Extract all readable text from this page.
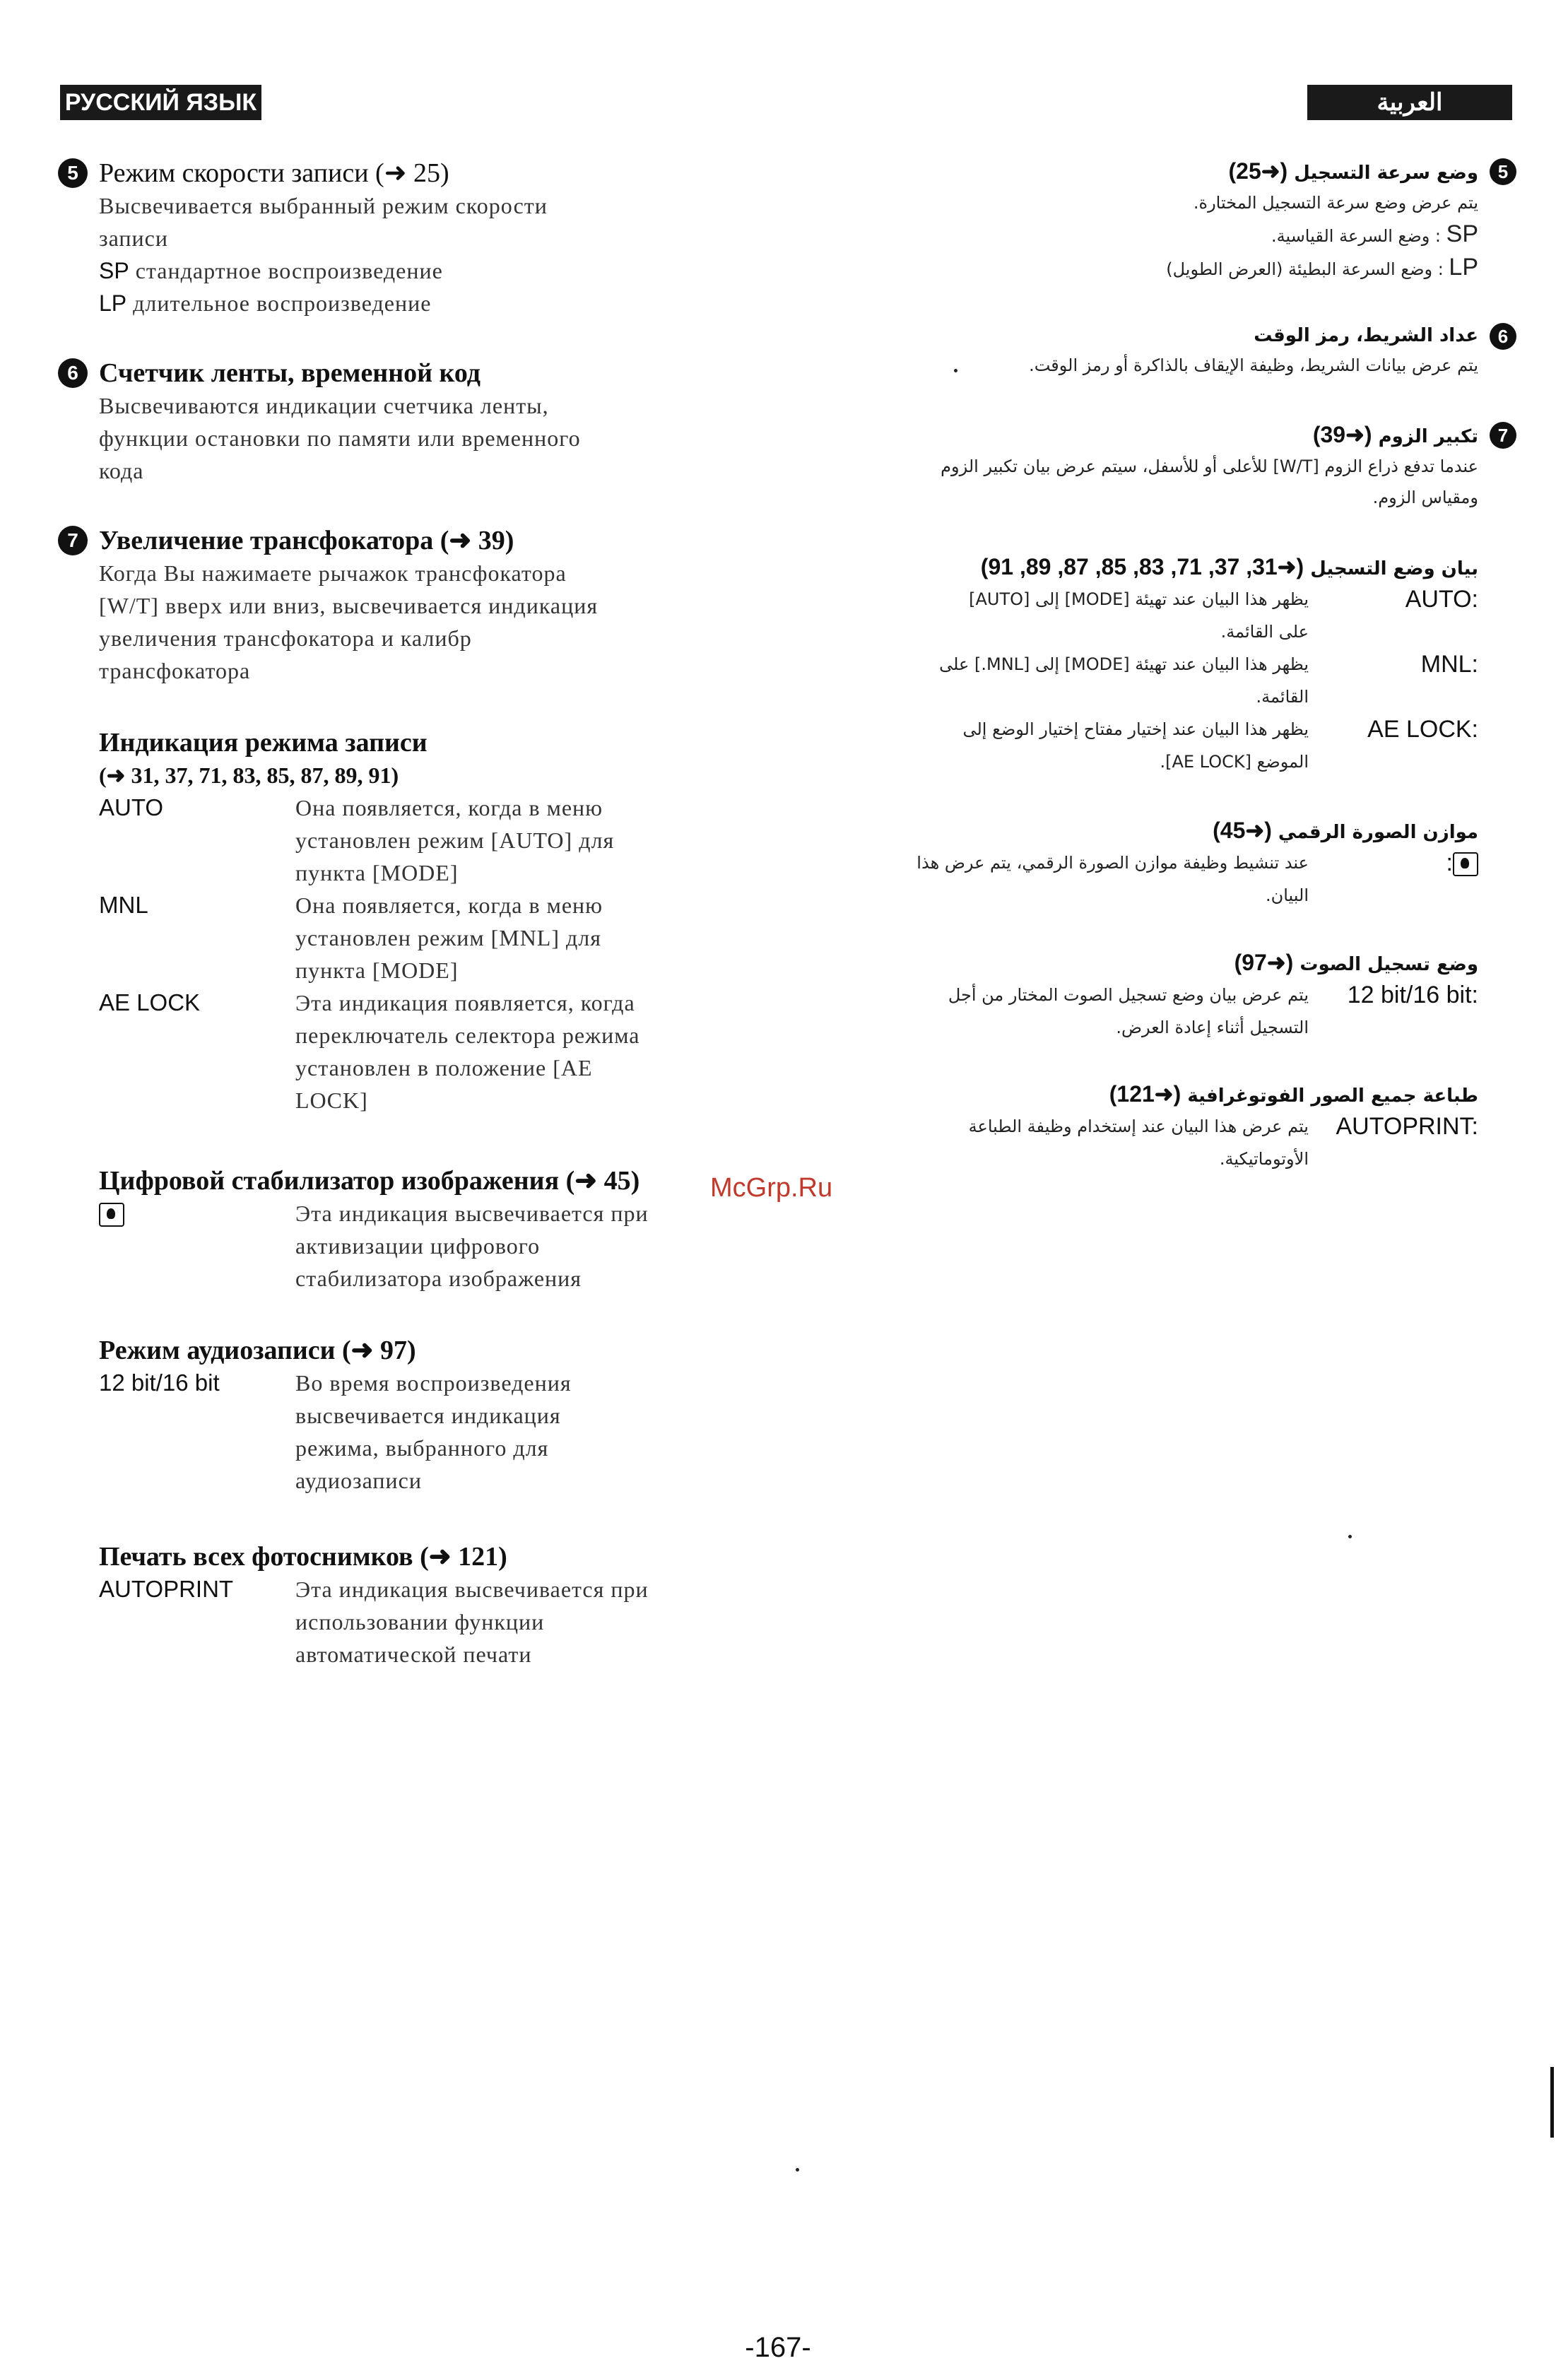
РУССКИЙ ЯЗЫК	العربية
5 Режим скорости записи (➜ 25)
Высвечивается выбранный режим скорости
записи
SP стандартное воспроизведение
LP длительное воспроизведение
6 Счетчик ленты, временной код
Высвечиваются индикации счетчика ленты,
функции остановки по памяти или временного
кода
7 Увеличение трансфокатора (➜ 39)
Когда Вы нажимаете рычажок трансфокатора
[W/T] вверх или вниз, высвечивается индикация
увеличения трансфокатора и калибр
трансфокатора
Индикация режима записи
(➜ 31, 37, 71, 83, 85, 87, 89, 91)
AUTO	Она появляется, когда в меню
установлен режим [AUTO] для
пункта [MODE]
MNL	Она появляется, когда в меню
установлен режим [MNL] для
пункта [MODE]
AE LOCK	Эта индикация появляется, когда
переключатель селектора режима
установлен в положение [AE
LOCK]
Цифровой стабилизатор изображения (➜ 45)
Эта индикация высвечивается при
активизации цифрового
стабилизатора изображения
Режим аудиозаписи (➜ 97)
12 bit/16 bit	Во время воспроизведения
высвечивается индикация
режима, выбранного для
аудиозаписи
Печать всех фотоснимков (➜ 121)
AUTOPRINT	Эта индикация высвечивается при
использовании функции
автоматической печати
McGrp.Ru
5
وضع سرعة التسجيل (➜25)
يتم عرض وضع سرعة التسجيل المختارة.
SP : وضع السرعة القياسية.
LP : وضع السرعة البطيئة (العرض الطويل)
6
عداد الشريط، رمز الوقت
يتم عرض بيانات الشريط، وظيفة الإيقاف بالذاكرة أو رمز الوقت.
7
تكبير الزوم (➜39)
عندما تدفع ذراع الزوم [W/T] للأعلى أو للأسفل، سيتم عرض بيان تكبير الزوم
ومقياس الزوم.
بيان وضع التسجيل (➜31, 37, 71, 83, 85, 87, 89, 91)
AUTO:
يظهر هذا البيان عند تهيئة [MODE] إلى [AUTO]
على القائمة.
MNL:
يظهر هذا البيان عند تهيئة [MODE] إلى [MNL.] على
القائمة.
AE LOCK:
يظهر هذا البيان عند إختيار مفتاح إختيار الوضع إلى
الموضع [AE LOCK].
موازن الصورة الرقمي (➜45)
:
عند تنشيط وظيفة موازن الصورة الرقمي، يتم عرض هذا
البيان.
وضع تسجيل الصوت (➜97)
12 bit/16 bit:
يتم عرض بيان وضع تسجيل الصوت المختار من أجل
التسجيل أثناء إعادة العرض.
طباعة جميع الصور الفوتوغرافية (➜121)
AUTOPRINT:
يتم عرض هذا البيان عند إستخدام وظيفة الطباعة
الأوتوماتيكية.
-167-
